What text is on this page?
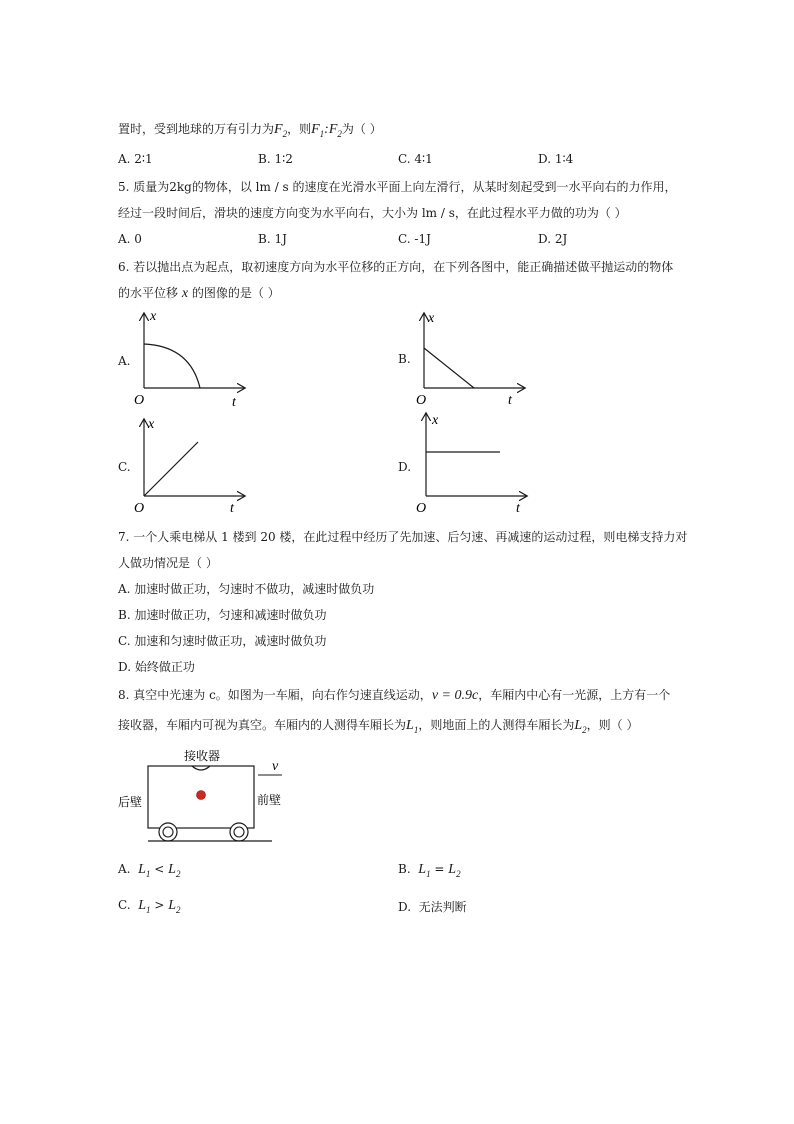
置时，受到地球的万有引力为$F_2$，则$F_1:F_2$为（ ）
A. 2∶1	B. 1∶2	C. 4∶1	D. 1∶4
5. 质量为2kg的物体，以 lm / s 的速度在光滑水平面上向左滑行，从某时刻起受到一水平向右的力作用，
经过一段时间后，滑块的速度方向变为水平向右，大小为 lm / s，在此过程水平力做的功为（ ）
A. 0	B. 1J	C. -1J	D. 2J
6. 若以抛出点为起点，取初速度方向为水平位移的正方向，在下列各图中，能正确描述做平抛运动的物体
的水平位移 x 的图像的是（ ）
A.
x
t
O
B.
x
t
O
C.
x
t
O
D.
x
t
O
7. 一个人乘电梯从 1 楼到 20 楼，在此过程中经历了先加速、后匀速、再减速的运动过程，则电梯支持力对
人做功情况是（ ）
A. 加速时做正功，匀速时不做功，减速时做负功
B. 加速时做正功，匀速和减速时做负功
C. 加速和匀速时做正功，减速时做负功
D. 始终做正功
8. 真空中光速为 c。如图为一车厢，向右作匀速直线运动，v = 0.9c，车厢内中心有一光源，上方有一个
接收器，车厢内可视为真空。车厢内的人测得车厢长为$L_1$，则地面上的人测得车厢长为$L_2$，则（ ）
接收器
v
后壁	前壁
A. $L_1 < L_2$	B. $L_1 = L_2$
C. $L_1 > L_2$	D. 无法判断
